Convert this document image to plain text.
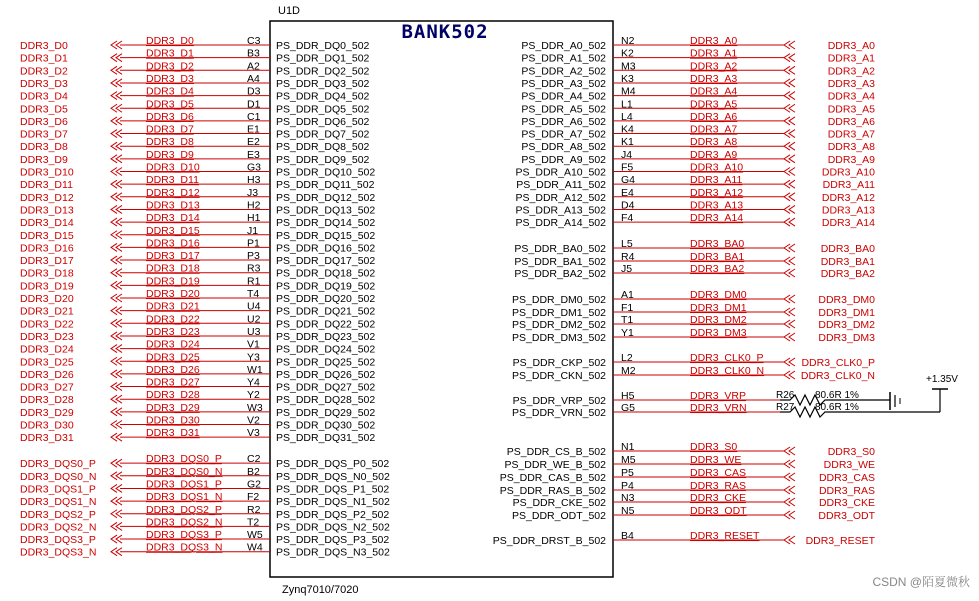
U1D
BANK502
Zynq7010/7020
DDR3_D0	DDR3_D0	C3 PS_DDR_DQ0_502
DDR3_D1	DDR3_D1	B3 PS_DDR_DQ1_502
DDR3_D2	DDR3_D2	A2 PS_DDR_DQ2_502
DDR3_D3	DDR3_D3	A4 PS_DDR_DQ3_502
DDR3_D4	DDR3_D4	D3 PS_DDR_DQ4_502
DDR3_D5	DDR3_D5	D1 PS_DDR_DQ5_502
DDR3_D6	DDR3_D6	C1 PS_DDR_DQ6_502
DDR3_D7	DDR3_D7	E1 PS_DDR_DQ7_502
DDR3_D8	DDR3_D8	E2 PS_DDR_DQ8_502
DDR3_D9	DDR3_D9	E3 PS_DDR_DQ9_502
DDR3_D10	DDR3_D10	G3 PS_DDR_DQ10_502
DDR3_D11	DDR3_D11	H3 PS_DDR_DQ11_502
DDR3_D12	DDR3_D12	J3 PS_DDR_DQ12_502
DDR3_D13	DDR3_D13	H2 PS_DDR_DQ13_502
DDR3_D14	DDR3_D14	H1 PS_DDR_DQ14_502
DDR3_D15	DDR3_D15	J1 PS_DDR_DQ15_502
DDR3_D16	DDR3_D16	P1 PS_DDR_DQ16_502
DDR3_D17	DDR3_D17	P3 PS_DDR_DQ17_502
DDR3_D18	DDR3_D18	R3 PS_DDR_DQ18_502
DDR3_D19	DDR3_D19	R1 PS_DDR_DQ19_502
DDR3_D20	DDR3_D20	T4 PS_DDR_DQ20_502
DDR3_D21	DDR3_D21	U4 PS_DDR_DQ21_502
DDR3_D22	DDR3_D22	U2 PS_DDR_DQ22_502
DDR3_D23	DDR3_D23	U3 PS_DDR_DQ23_502
DDR3_D24	DDR3_D24	V1 PS_DDR_DQ24_502
DDR3_D25	DDR3_D25	Y3 PS_DDR_DQ25_502
DDR3_D26	DDR3_D26	W1 PS_DDR_DQ26_502
DDR3_D27	DDR3_D27	Y4 PS_DDR_DQ27_502
DDR3_D28	DDR3_D28	Y2 PS_DDR_DQ28_502
DDR3_D29	DDR3_D29	W3 PS_DDR_DQ29_502
DDR3_D30	DDR3_D30	V2 PS_DDR_DQ30_502
DDR3_D31	DDR3_D31	V3 PS_DDR_DQ31_502
DDR3_DQS0_P	DDR3_DQS0_P C2 PS_DDR_DQS_P0_502
DDR3_DQS0_N	DDR3_DQS0_N B2 PS_DDR_DQS_N0_502
DDR3_DQS1_P	DDR3_DQS1_P G2 PS_DDR_DQS_P1_502
DDR3_DQS1_N	DDR3_DQS1_N F2 PS_DDR_DQS_N1_502
DDR3_DQS2_P	DDR3_DQS2_P R2 PS_DDR_DQS_P2_502
DDR3_DQS2_N	DDR3_DQS2_N T2 PS_DDR_DQS_N2_502
DDR3_DQS3_P	DDR3_DQS3_P W5 PS_DDR_DQS_P3_502
DDR3_DQS3_N	DDR3_DQS3_N W4 PS_DDR_DQS_N3_502
PS_DDR_A0_502 N2	DDR3_A0	DDR3_A0
PS_DDR_A1_502 K2	DDR3_A1	DDR3_A1
PS_DDR_A2_502 M3	DDR3_A2	DDR3_A2
PS_DDR_A3_502 K3	DDR3_A3	DDR3_A3
PS_DDR_A4_502 M4	DDR3_A4	DDR3_A4
PS_DDR_A5_502 L1	DDR3_A5	DDR3_A5
PS_DDR_A6_502 L4	DDR3_A6	DDR3_A6
PS_DDR_A7_502 K4	DDR3_A7	DDR3_A7
PS_DDR_A8_502 K1	DDR3_A8	DDR3_A8
PS_DDR_A9_502 J4	DDR3_A9	DDR3_A9
PS_DDR_A10_502 F5	DDR3_A10	DDR3_A10
PS_DDR_A11_502 G4	DDR3_A11	DDR3_A11
PS_DDR_A12_502 E4	DDR3_A12	DDR3_A12
PS_DDR_A13_502 D4	DDR3_A13	DDR3_A13
PS_DDR_A14_502 F4	DDR3_A14	DDR3_A14
PS_DDR_BA0_502 L5	DDR3_BA0	DDR3_BA0
PS_DDR_BA1_502 R4	DDR3_BA1	DDR3_BA1
PS_DDR_BA2_502 J5	DDR3_BA2	DDR3_BA2
PS_DDR_DM0_502 A1	DDR3_DM0	DDR3_DM0
PS_DDR_DM1_502 F1	DDR3_DM1	DDR3_DM1
PS_DDR_DM2_502 T1	DDR3_DM2	DDR3_DM2
PS_DDR_DM3_502 Y1	DDR3_DM3	DDR3_DM3
PS_DDR_CKP_502 L2	DDR3_CLK0_P	DDR3_CLK0_P
PS_DDR_CKN_502 M2	DDR3_CLK0_N	DDR3_CLK0_N
PS_DDR_VRP_502 H5	DDR3_VRP
PS_DDR_VRN_502 G5	DDR3_VRN
PS_DDR_CS_B_502 N1	DDR3_S0	DDR3_S0
PS_DDR_WE_B_502 M5	DDR3_WE	DDR3_WE
PS_DDR_CAS_B_502 P5	DDR3_CAS	DDR3_CAS
PS_DDR_RAS_B_502 P4	DDR3_RAS	DDR3_RAS
PS_DDR_CKE_502 N3	DDR3_CKE	DDR3_CKE
PS_DDR_ODT_502 N5	DDR3_ODT	DDR3_ODT
PS_DDR_DRST_B_502 B4	DDR3_RESET	DDR3_RESET
R26 80.6R 1%
R27 80.6R 1%
+1.35V
CSDN @陌夏微秋
